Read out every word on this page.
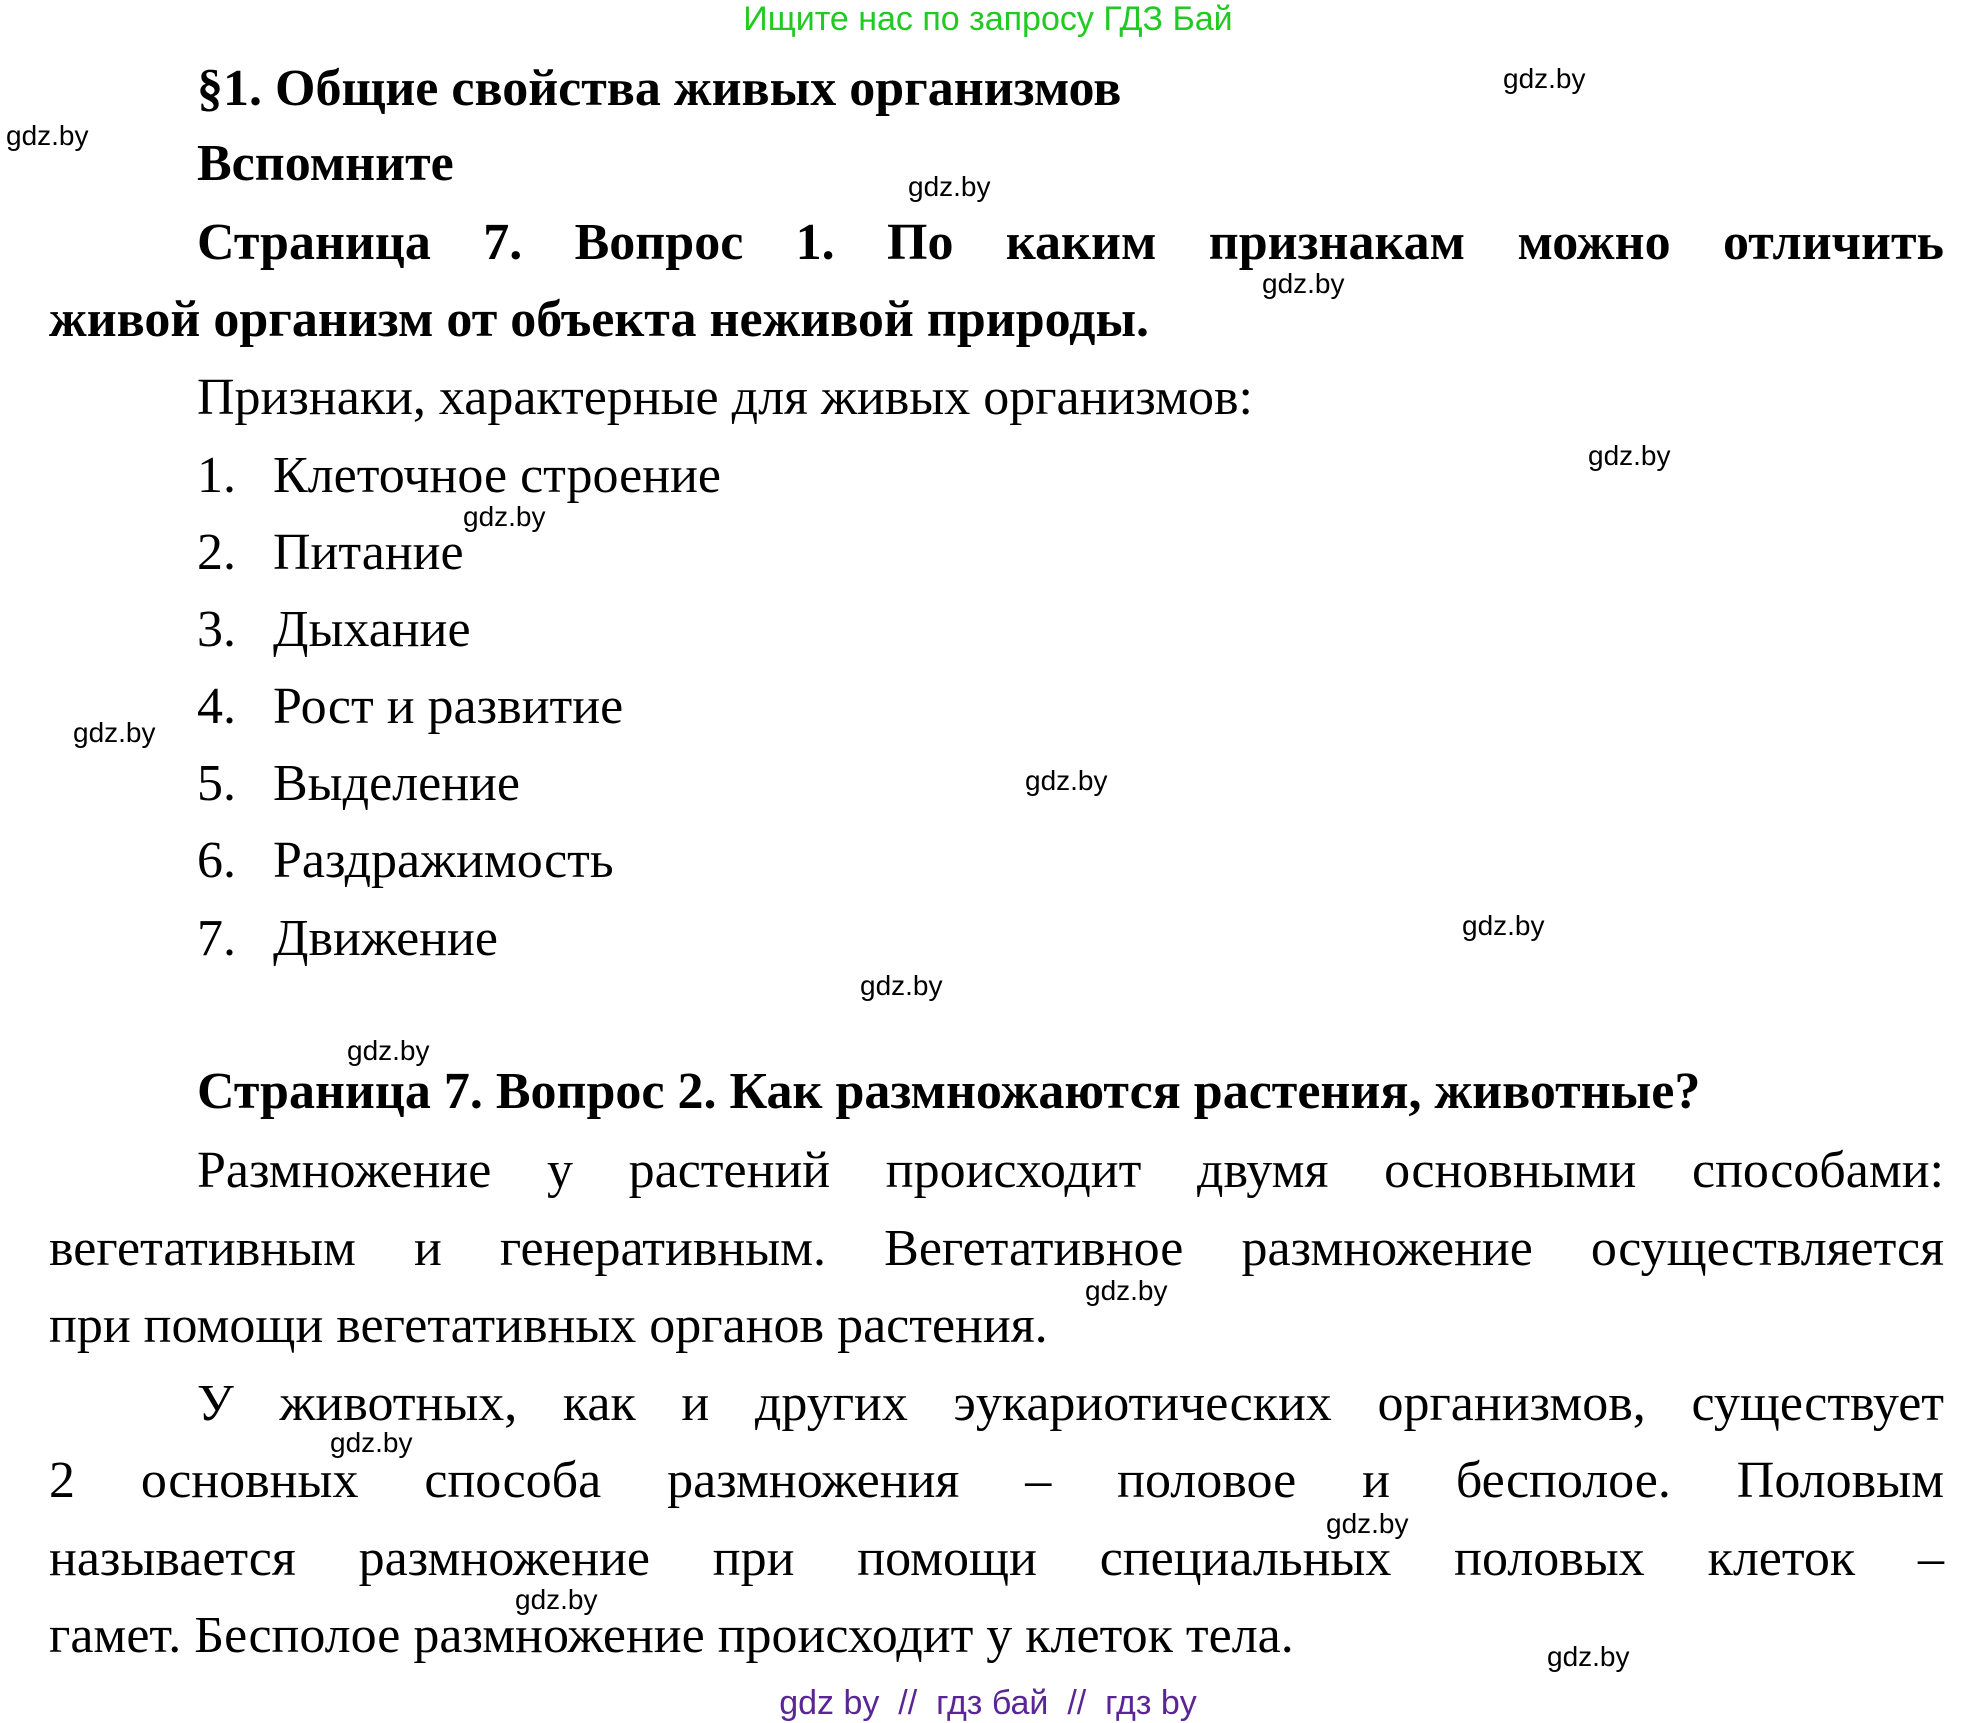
Ищите нас по запросу ГДЗ Бай
§1. Общие свойства живых организмов
Вспомните
Страница 7. Вопрос 1. По каким признакам можно отличить
живой организм от объекта неживой природы.
Признаки, характерные для живых организмов:
1. Клеточное строение
2. Питание
3. Дыхание
4. Рост и развитие
5. Выделение
6. Раздражимость
7. Движение
Страница 7. Вопрос 2. Как размножаются растения, животные?
Размножение у растений происходит двумя основными способами:
вегетативным и генеративным. Вегетативное размножение осуществляется
при помощи вегетативных органов растения.
У животных, как и других эукариотических организмов, существует
2 основных способа размножения – половое и бесполое. Половым
называется размножение при помощи специальных половых клеток –
гамет. Бесполое размножение происходит у клеток тела.
gdz.by
gdz.by
gdz.by
gdz.by
gdz.by
gdz.by
gdz.by
gdz.by
gdz.by
gdz.by
gdz.by
gdz.by
gdz.by
gdz.by
gdz.by
gdz.by
gdz by  //  гдз бай  //  гдз by
